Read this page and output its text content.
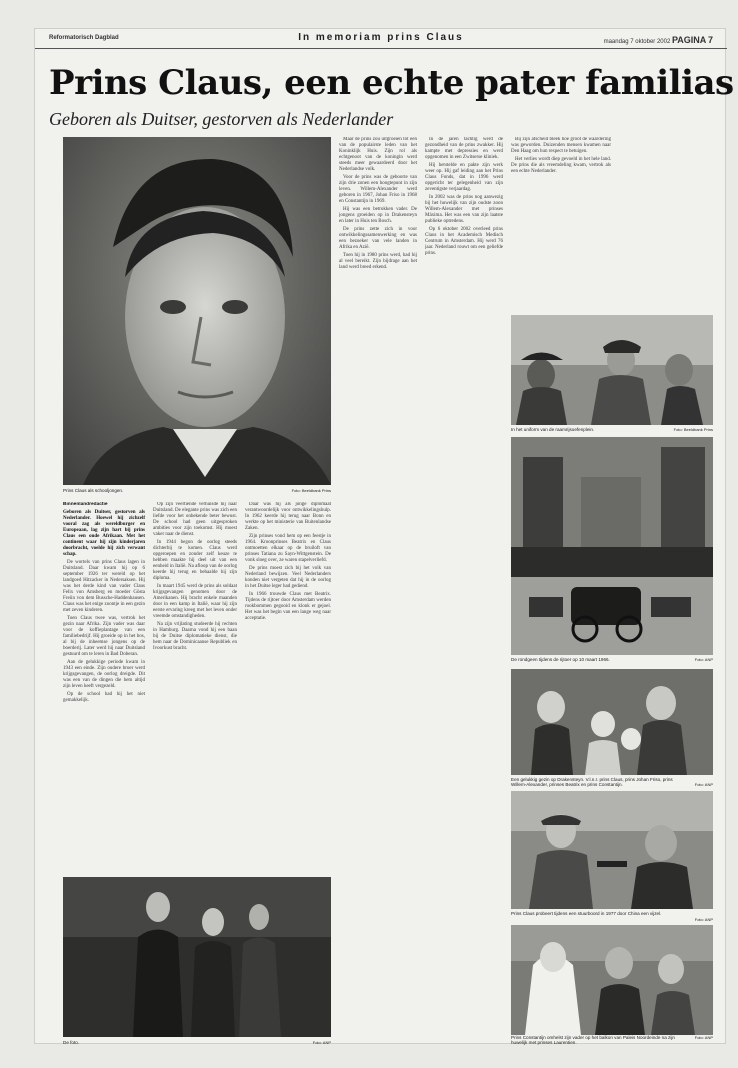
Reformatorisch Dagblad	In memoriam prins Claus	maandag 7 oktober 2002 PAGINA 7
Prins Claus, een echte pater familias
Geboren als Duitser, gestorven als Nederlander
Prins Claus als schooljongen.	Foto: Beeldbank Prins

Binnenlandredactie

Geboren als Duitser, gestorven als Nederlander. Hoewel hij zichzelf vooral zag als wereldburger en Europeaan, lag zijn hart bij prins Claus een oude Afrikaan. Met het continent waar hij zijn kinderjaren doorbracht, voelde hij zich verwant schap.

De wortels van prins Claus lagen in Duitsland. Daar kwam hij op 6 september 1926 ter wereld op het landgoed Hitzacker in Nedersaksen. Hij was het derde kind van vader Claus Felix von Amsberg en moeder Gösta Freiin von dem Bussche-Haddenhausen. Claus was het enige zoontje in een gezin met zeven kinderen.

Toen Claus twee was, vertrok het gezin naar Afrika. Zijn vader was daar voor de koffieplantage van een familiebedrijf. Hij groeide op in het bos, al bij de inheemse jongens op de boerderij. Later werd hij naar Duitsland gestuurd om te leren in Bad Doberan.

Aan de gelukkige periode kwam in 1943 een einde. Zijn oudere broer werd krijgsgevangen, de oorlog dreigde. Dit was een van de dingen die hem altijd zijn leven heeft vergezeld.

Op de school had hij het niet gemakkelijk.

Op zijn veertiende verhuisde hij naar Duitsland. De elegante prins was zich een liefde voor het onbekende beter bewust. De school had geen uitgesproken ambities voor zijn toekomst. Hij moest vaker naar de dienst.

In 1944 begon de oorlog steeds dichterbij te komen. Claus werd opgeroepen en zonder zelf keuze te hebben maakte hij deel uit van een eenheid in Italië. Na afloop van de oorlog keerde hij terug en behaalde hij zijn diploma.

In maart 1945 werd de prins als soldaat krijgsgevangen genomen door de Amerikanen. Hij bracht enkele maanden door in een kamp in Italië, waar hij zijn eerste ervaring kreeg met het leven onder vreemde omstandigheden.

Na zijn vrijlating studeerde hij rechten in Hamburg. Daarna vond hij een baan bij de Duitse diplomatieke dienst, die hem naar de Dominicaanse Republiek en Ivoorkust bracht.

Daar was hij als jonge diplomaat verantwoordelijk voor ontwikkelingshulp. In 1962 keerde hij terug naar Bonn en werkte op het ministerie van Buitenlandse Zaken.

Zijn prinses vond hem op een feestje in 1964. Kroonprinses Beatrix en Claus ontmoetten elkaar op de bruiloft van prinses Tatiana zu Sayn-Wittgenstein. De vonk sloeg over, ze waren stapelverliefd.

De prins moest zich bij het volk van Nederland bewijzen. Veel Nederlanders konden niet vergeten dat hij in de oorlog in het Duitse leger had gediend.

In 1966 trouwde Claus met Beatrix. Tijdens de rijtoer door Amsterdam werden rookbommen gegooid en klonk er gejoel. Het was het begin van een lange weg naar acceptatie.

Maar de prins zou uitgroeien tot een van de populairste leden van het Koninklijk Huis. Zijn rol als echtgenoot van de koningin werd steeds meer gewaardeerd door het Nederlandse volk.

Voor de prins was de geboorte van zijn drie zonen een hoogtepunt in zijn leven. Willem-Alexander werd geboren in 1967, Johan Friso in 1968 en Constantijn in 1969.

Hij was een betrokken vader. De jongens groeiden op in Drakensteyn en later in Huis ten Bosch.

De prins zette zich in voor ontwikkelingssamenwerking en was een bezoeker van vele landen in Afrika en Azië.

Toen hij in 1980 prins werd, had hij al veel bereikt. Zijn bijdrage aan het land werd breed erkend.

In de jaren tachtig werd de gezondheid van de prins zwakker. Hij kampte met depressies en werd opgenomen in een Zwitserse kliniek.

Hij herstelde en pakte zijn werk weer op. Hij gaf leiding aan het Prins Claus Fonds, dat in 1996 werd opgericht ter gelegenheid van zijn zeventigste verjaardag.

In 2002 was de prins nog aanwezig bij het huwelijk van zijn oudste zoon Willem-Alexander met prinses Máxima. Het was een van zijn laatste publieke optredens.

Op 6 oktober 2002 overleed prins Claus in het Academisch Medisch Centrum in Amsterdam. Hij werd 76 jaar. Nederland rouwt om een geliefde prins.

Bij zijn afscheid bleek hoe groot de waardering was geworden. Duizenden mensen kwamen naar Den Haag om hun respect te betuigen.

Het verlies wordt diep gevoeld in het hele land. De prins die als vreemdeling kwam, vertrok als een echte Nederlander.

De foto.	Foto: ANP
In het uniform van de raamrijsoefenplein.	Foto: Beeldbank Prins
De rondgeen tijdens de rijtoer op 10 maart 1966.	Foto: ANP
Een gelukkig gezin op Drakensteyn. V.l.n.r. prins Claus, prins Johan Friso, prins Willem-Alexander, prinses Beatrix en prins Constantijn.	Foto: ANP
Prins Claus probeert tijdens een stuurboord in 1977 door China een vijzel.
Foto: ANP
Prins Constantijn omhelst zijn vader op het balkon van Paleis Noordeinde na zijn huwelijk met prinses Laurentien.
Foto: ANP
